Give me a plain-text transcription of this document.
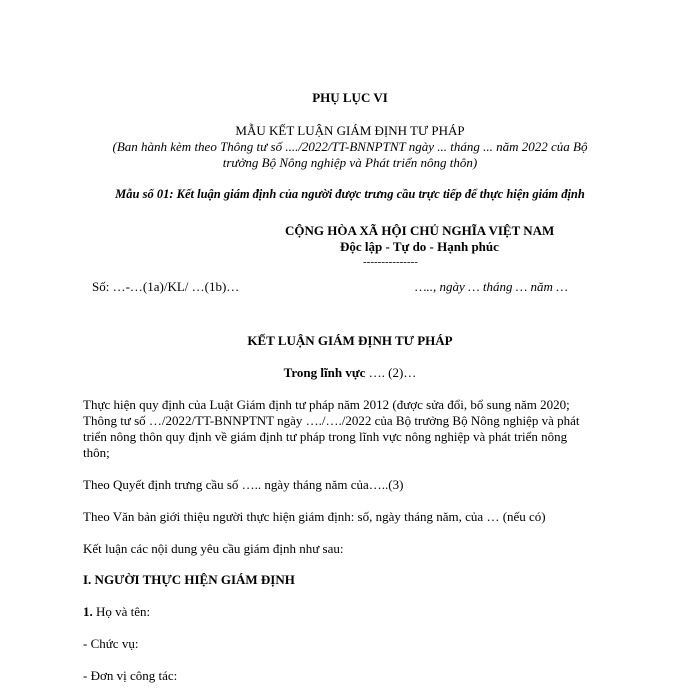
PHỤ LỤC VI
MẪU KẾT LUẬN GIÁM ĐỊNH TƯ PHÁP
(Ban hành kèm theo Thông tư số ..../2022/TT-BNNPTNT ngày ... tháng ... năm 2022 của Bộ
trưởng Bộ Nông nghiệp và Phát triển nông thôn)
Mẫu số 01: Kết luận giám định của người được trưng cầu trực tiếp để thực hiện giám định
CỘNG HÒA XÃ HỘI CHỦ NGHĨA VIỆT NAM
Độc lập - Tự do - Hạnh phúc
---------------
Số: …-…(1a)/KL/ …(1b)…	….., ngày … tháng … năm …
KẾT LUẬN GIÁM ĐỊNH TƯ PHÁP
Trong lĩnh vực …. (2)…
Thực hiện quy định của Luật Giám định tư pháp năm 2012 (được sửa đổi, bổ sung năm 2020;
Thông tư số …/2022/TT-BNNPTNT ngày …./…./2022 của Bộ trưởng Bộ Nông nghiệp và phát
triển nông thôn quy định về giám định tư pháp trong lĩnh vực nông nghiệp và phát triển nông
thôn;
Theo Quyết định trưng cầu số ….. ngày tháng năm của…..(3)
Theo Văn bản giới thiệu người thực hiện giám định: số, ngày tháng năm, của … (nếu có)
Kết luận các nội dung yêu cầu giám định như sau:
I. NGƯỜI THỰC HIỆN GIÁM ĐỊNH
1. Họ và tên:
- Chức vụ:
- Đơn vị công tác:
